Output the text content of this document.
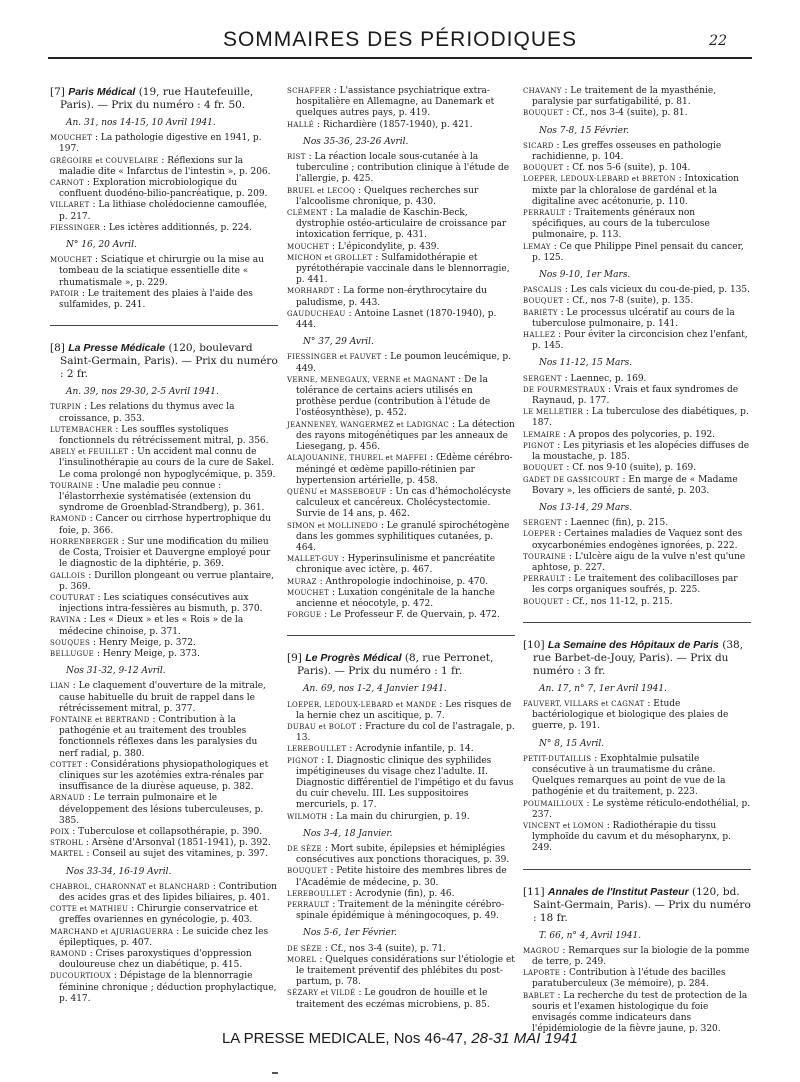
SOMMAIRES DES PÉRIODIQUES	22
[7] Paris Médical (19, rue Hautefeuille, Paris). — Prix du numéro : 4 fr. 50.
An. 31, nos 14-15, 10 Avril 1941.

MOUCHET : La pathologie digestive en 1941, p. 197.

GRÉGOIRE et COUVELAIRE : Réflexions sur la maladie dite « Infarctus de l'intestin », p. 206.

CARNOT : Exploration microbiologique du confluent duodéno-bilio-pancréatique, p. 209.

VILLARET : La lithiase cholédocienne camouflée, p. 217.

FIESSINGER : Les ictères additionnés, p. 224.

N° 16, 20 Avril.

MOUCHET : Sciatique et chirurgie ou la mise au tombeau de la sciatique essentielle dite « rhumatismale », p. 229.

PATOIR : Le traitement des plaies à l'aide des sulfamides, p. 241.

[8] La Presse Médicale (120, boulevard Saint-Germain, Paris). — Prix du numéro : 2 fr.
An. 39, nos 29-30, 2-5 Avril 1941.

TURPIN : Les relations du thymus avec la croissance, p. 353.

LUTEMBACHER : Les souffles systoliques fonctionnels du rétrécissement mitral, p. 356.

ABELY et FEUILLET : Un accident mal connu de l'insulinothérapie au cours de la cure de Sakel. Le coma prolongé non hypoglycémique, p. 359.

TOURAINE : Une maladie peu connue : l'élastorrhexie systématisée (extension du syndrome de Groenblad-Strandberg), p. 361.

RAMOND : Cancer ou cirrhose hypertrophique du foie, p. 366.

HORRENBERGER : Sur une modification du milieu de Costa, Troisier et Dauvergne employé pour le diagnostic de la diphtérie, p. 369.

GALLOIS : Durillon plongeant ou verrue plantaire, p. 369.

COUTURAT : Les sciatiques consécutives aux injections intra-fessières au bismuth, p. 370.

RAVINA : Les « Dieux » et les « Rois » de la médecine chinoise, p. 371.

SOUQUES : Henry Meige, p. 372.

BELLUGUE : Henry Meige, p. 373.

Nos 31-32, 9-12 Avril.

LIAN : Le claquement d'ouverture de la mitrale, cause habituelle du bruit de rappel dans le rétrécissement mitral, p. 377.

FONTAINE et BERTRAND : Contribution à la pathogénie et au traitement des troubles fonctionnels réflexes dans les paralysies du nerf radial, p. 380.

COTTET : Considérations physiopathologiques et cliniques sur les azotémies extra-rénales par insuffisance de la diurèse aqueuse, p. 382.

ARNAUD : Le terrain pulmonaire et le développement des lésions tuberculeuses, p. 385.

POIX : Tuberculose et collapsothérapie, p. 390.

STROHL : Arsène d'Arsonval (1851-1941), p. 392.

MARTEL : Conseil au sujet des vitamines, p. 397.

Nos 33-34, 16-19 Avril.

CHABROL, CHARONNAT et BLANCHARD : Contribution des acides gras et des lipides biliaires, p. 401.

COTTE et MATHIEU : Chirurgie conservatrice et greffes ovariennes en gynécologie, p. 403.

MARCHAND et AJURIAGUERRA : Le suicide chez les épileptiques, p. 407.

RAMOND : Crises paroxystiques d'oppression douloureuse chez un diabétique, p. 415.

DUCOURTIOUX : Dépistage de la blennorragie féminine chronique ; déduction prophylactique, p. 417.

SCHAFFER : L'assistance psychiatrique extra-hospitalière en Allemagne, au Danemark et quelques autres pays, p. 419.

HALLÉ : Richardière (1857-1940), p. 421.

Nos 35-36, 23-26 Avril.

RIST : La réaction locale sous-cutanée à la tuberculine ; contribution clinique à l'étude de l'allergie, p. 425.

BRUEL et LECOQ : Quelques recherches sur l'alcoolisme chronique, p. 430.

CLÉMENT : La maladie de Kaschin-Beck, dystrophie ostéo-articulaire de croissance par intoxication ferrique, p. 431.

MOUCHET : L'épicondylite, p. 439.

MICHON et GROLLET : Sulfamidothérapie et pyrétothérapie vaccinale dans le blennorragie, p. 441.

MORHARDT : La forme non-érythrocytaire du paludisme, p. 443.

GAUDUCHEAU : Antoine Lasnet (1870-1940), p. 444.

N° 37, 29 Avril.

FIESSINGER et FAUVET : Le poumon leucémique, p. 449.

VERNE, MENEGAUX, VERNE et MAGNANT : De la tolérance de certains aciers utilisés en prothèse perdue (contribution à l'étude de l'ostéosynthèse), p. 452.

JEANNENEY, WANGERMEZ et LADIGNAC : La détection des rayons mitogénétiques par les anneaux de Liesegang, p. 456.

ALAJOUANINE, THUREL et MAFFEI : Œdème cérébro-méningé et œdème papillo-rétinien par hypertension artérielle, p. 458.

QUÉNU et MASSEBOEUF : Un cas d'hémocholécyste calculeux et cancéreux. Cholécystectomie. Survie de 14 ans, p. 462.

SIMON et MOLLINEDO : Le granulé spirochétogène dans les gommes syphilitiques cutanées, p. 464.

MALLET-GUY : Hyperinsulinisme et pancréatite chronique avec ictère, p. 467.

MURAZ : Anthropologie indochinoise, p. 470.

MOUCHET : Luxation congénitale de la hanche ancienne et néocotyle, p. 472.

FORGUE : Le Professeur F. de Quervain, p. 472.

[9] Le Progrès Médical (8, rue Perronet, Paris). — Prix du numéro : 1 fr.
An. 69, nos 1-2, 4 Janvier 1941.

LOEPER, LEDOUX-LEBARD et MANDE : Les risques de la hernie chez un ascitique, p. 7.

DUBAU et BOLOT : Fracture du col de l'astragale, p. 13.

LEREBOULLET : Acrodynie infantile, p. 14.

PIGNOT : I. Diagnostic clinique des syphilides impétigineuses du visage chez l'adulte. II. Diagnostic différentiel de l'impétigo et du favus du cuir chevelu. III. Les suppositoires mercuriels, p. 17.

WILMOTH : La main du chirurgien, p. 19.

Nos 3-4, 18 Janvier.

DE SÈZE : Mort subite, épilepsies et hémiplégies consécutives aux ponctions thoraciques, p. 39.

BOUQUET : Petite histoire des membres libres de l'Académie de médecine, p. 30.

LEREBOULLET : Acrodynie (fin), p. 46.

PERRAULT : Traitement de la méningite cérébro-spinale épidémique à méningocoques, p. 49.

Nos 5-6, 1er Février.

DE SÈZE : Cf., nos 3-4 (suite), p. 71.

MOREL : Quelques considérations sur l'étiologie et le traitement préventif des phlébites du post-partum, p. 78.

SÉZARY et VILDÉ : Le goudron de houille et le traitement des eczémas microbiens, p. 85.

CHAVANY : Le traitement de la myasthénie, paralysie par surfatigabilité, p. 81.

BOUQUET : Cf., nos 3-4 (suite), p. 81.

Nos 7-8, 15 Février.

SICARD : Les greffes osseuses en pathologie rachidienne, p. 104.

BOUQUET : Cf. nos 5-6 (suite), p. 104.

LOEPER, LEDOUX-LEBARD et BRETON : Intoxication mixte par la chloralose de gardénal et la digitaline avec acétonurie, p. 110.

PERRAULT : Traitements généraux non spécifiques, au cours de la tuberculose pulmonaire, p. 113.

LEMAY : Ce que Philippe Pinel pensait du cancer, p. 125.

Nos 9-10, 1er Mars.

PASCALIS : Les cals vicieux du cou-de-pied, p. 135.

BOUQUET : Cf., nos 7-8 (suite), p. 135.

BARIÉTY : Le processus ulcératif au cours de la tuberculose pulmonaire, p. 141.

HALLEZ : Pour éviter la circoncision chez l'enfant, p. 145.

Nos 11-12, 15 Mars.

SERGENT : Laennec, p. 169.

DE FOURMESTRAUX : Vrais et faux syndromes de Raynaud, p. 177.

LE MELLETIER : La tuberculose des diabétiques, p. 187.

LEMAIRE : A propos des polycories, p. 192.

PIGNOT : Les pityriasis et les alopécies diffuses de la moustache, p. 185.

BOUQUET : Cf. nos 9-10 (suite), p. 169.

GADET DE GASSICOURT : En marge de « Madame Bovary », les officiers de santé, p. 203.

Nos 13-14, 29 Mars.

SERGENT : Laennec (fin), p. 215.

LOEPER : Certaines maladies de Vaquez sont des oxycarbonémies endogènes ignorées, p. 222.

TOURAINE : L'ulcère aigu de la vulve n'est qu'une aphtose, p. 227.

PERRAULT : Le traitement des colibacilloses par les corps organiques soufrés, p. 225.

BOUQUET : Cf., nos 11-12, p. 215.

[10] La Semaine des Hôpitaux de Paris (38, rue Barbet-de-Jouy, Paris). — Prix du numéro : 3 fr.
An. 17, n° 7, 1er Avril 1941.

FAUVERT, VILLARS et CAGNAT : Etude bactériologique et biologique des plaies de guerre, p. 191.

N° 8, 15 Avril.

PETIT-DUTAILLIS : Exophtalmie pulsatile consécutive à un traumatisme du crâne. Quelques remarques au point de vue de la pathogénie et du traitement, p. 223.

POUMAILLOUX : Le système réticulo-endothélial, p. 237.

VINCENT et LOMON : Radiothérapie du tissu lymphoïde du cavum et du mésopharynx, p. 249.

[11] Annales de l'Institut Pasteur (120, bd. Saint-Germain, Paris). — Prix du numéro : 18 fr.
T. 66, n° 4, Avril 1941.

MAGROU : Remarques sur la biologie de la pomme de terre, p. 249.

LAPORTE : Contribution à l'étude des bacilles paratuberculeux (3e mémoire), p. 284.

BABLET : La recherche du test de protection de la souris et l'examen histologique du foie envisagés comme indicateurs dans l'épidémiologie de la fièvre jaune, p. 320.

LA PRESSE MEDICALE, Nos 46-47, 28-31 MAI 1941
